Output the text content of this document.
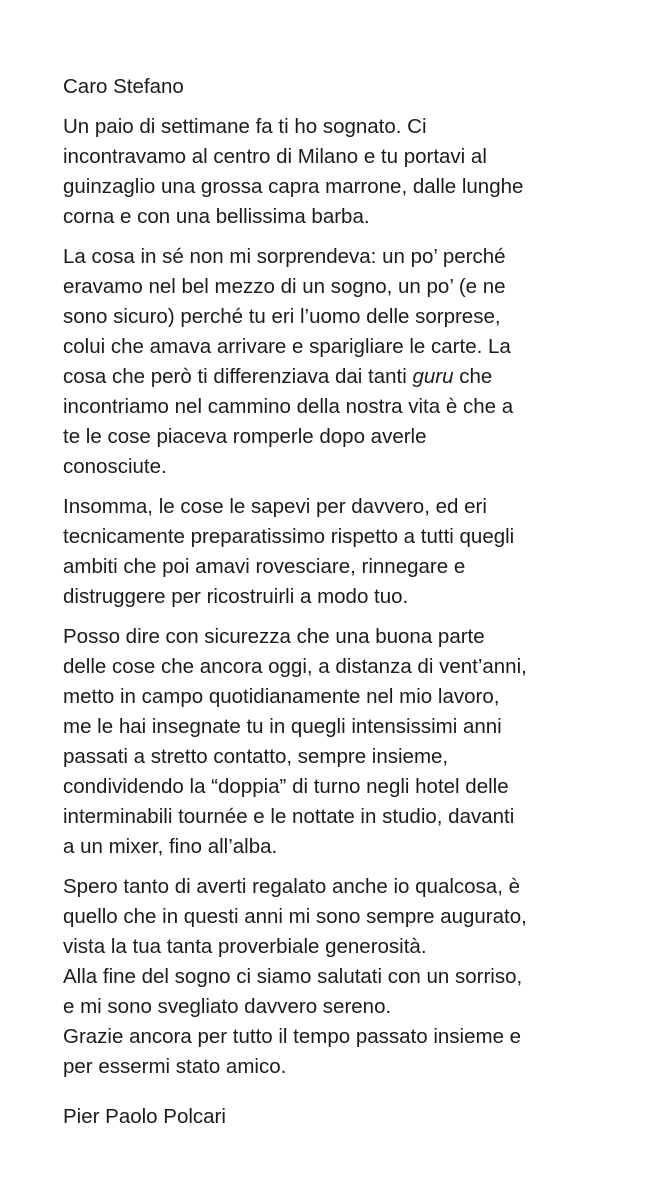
Caro Stefano
Un paio di settimane fa ti ho sognato. Ci
incontravamo al centro di Milano e tu portavi al
guinzaglio una grossa capra marrone, dalle lunghe
corna e con una bellissima barba.
La cosa in sé non mi sorprendeva: un po’ perché
eravamo nel bel mezzo di un sogno, un po’ (e ne
sono sicuro) perché tu eri l’uomo delle sorprese,
colui che amava arrivare e sparigliare le carte. La
cosa che però ti differenziava dai tanti guru che
incontriamo nel cammino della nostra vita è che a
te le cose piaceva romperle dopo averle
conosciute.
Insomma, le cose le sapevi per davvero, ed eri
tecnicamente preparatissimo rispetto a tutti quegli
ambiti che poi amavi rovesciare, rinnegare e
distruggere per ricostruirli a modo tuo.
Posso dire con sicurezza che una buona parte
delle cose che ancora oggi, a distanza di vent’anni,
metto in campo quotidianamente nel mio lavoro,
me le hai insegnate tu in quegli intensissimi anni
passati a stretto contatto, sempre insieme,
condividendo la “doppia” di turno negli hotel delle
interminabili tournée e le nottate in studio, davanti
a un mixer, fino all’alba.
Spero tanto di averti regalato anche io qualcosa, è
quello che in questi anni mi sono sempre augurato,
vista la tua tanta proverbiale generosità.
Alla fine del sogno ci siamo salutati con un sorriso,
e mi sono svegliato davvero sereno.
Grazie ancora per tutto il tempo passato insieme e
per essermi stato amico.
Pier Paolo Polcari
